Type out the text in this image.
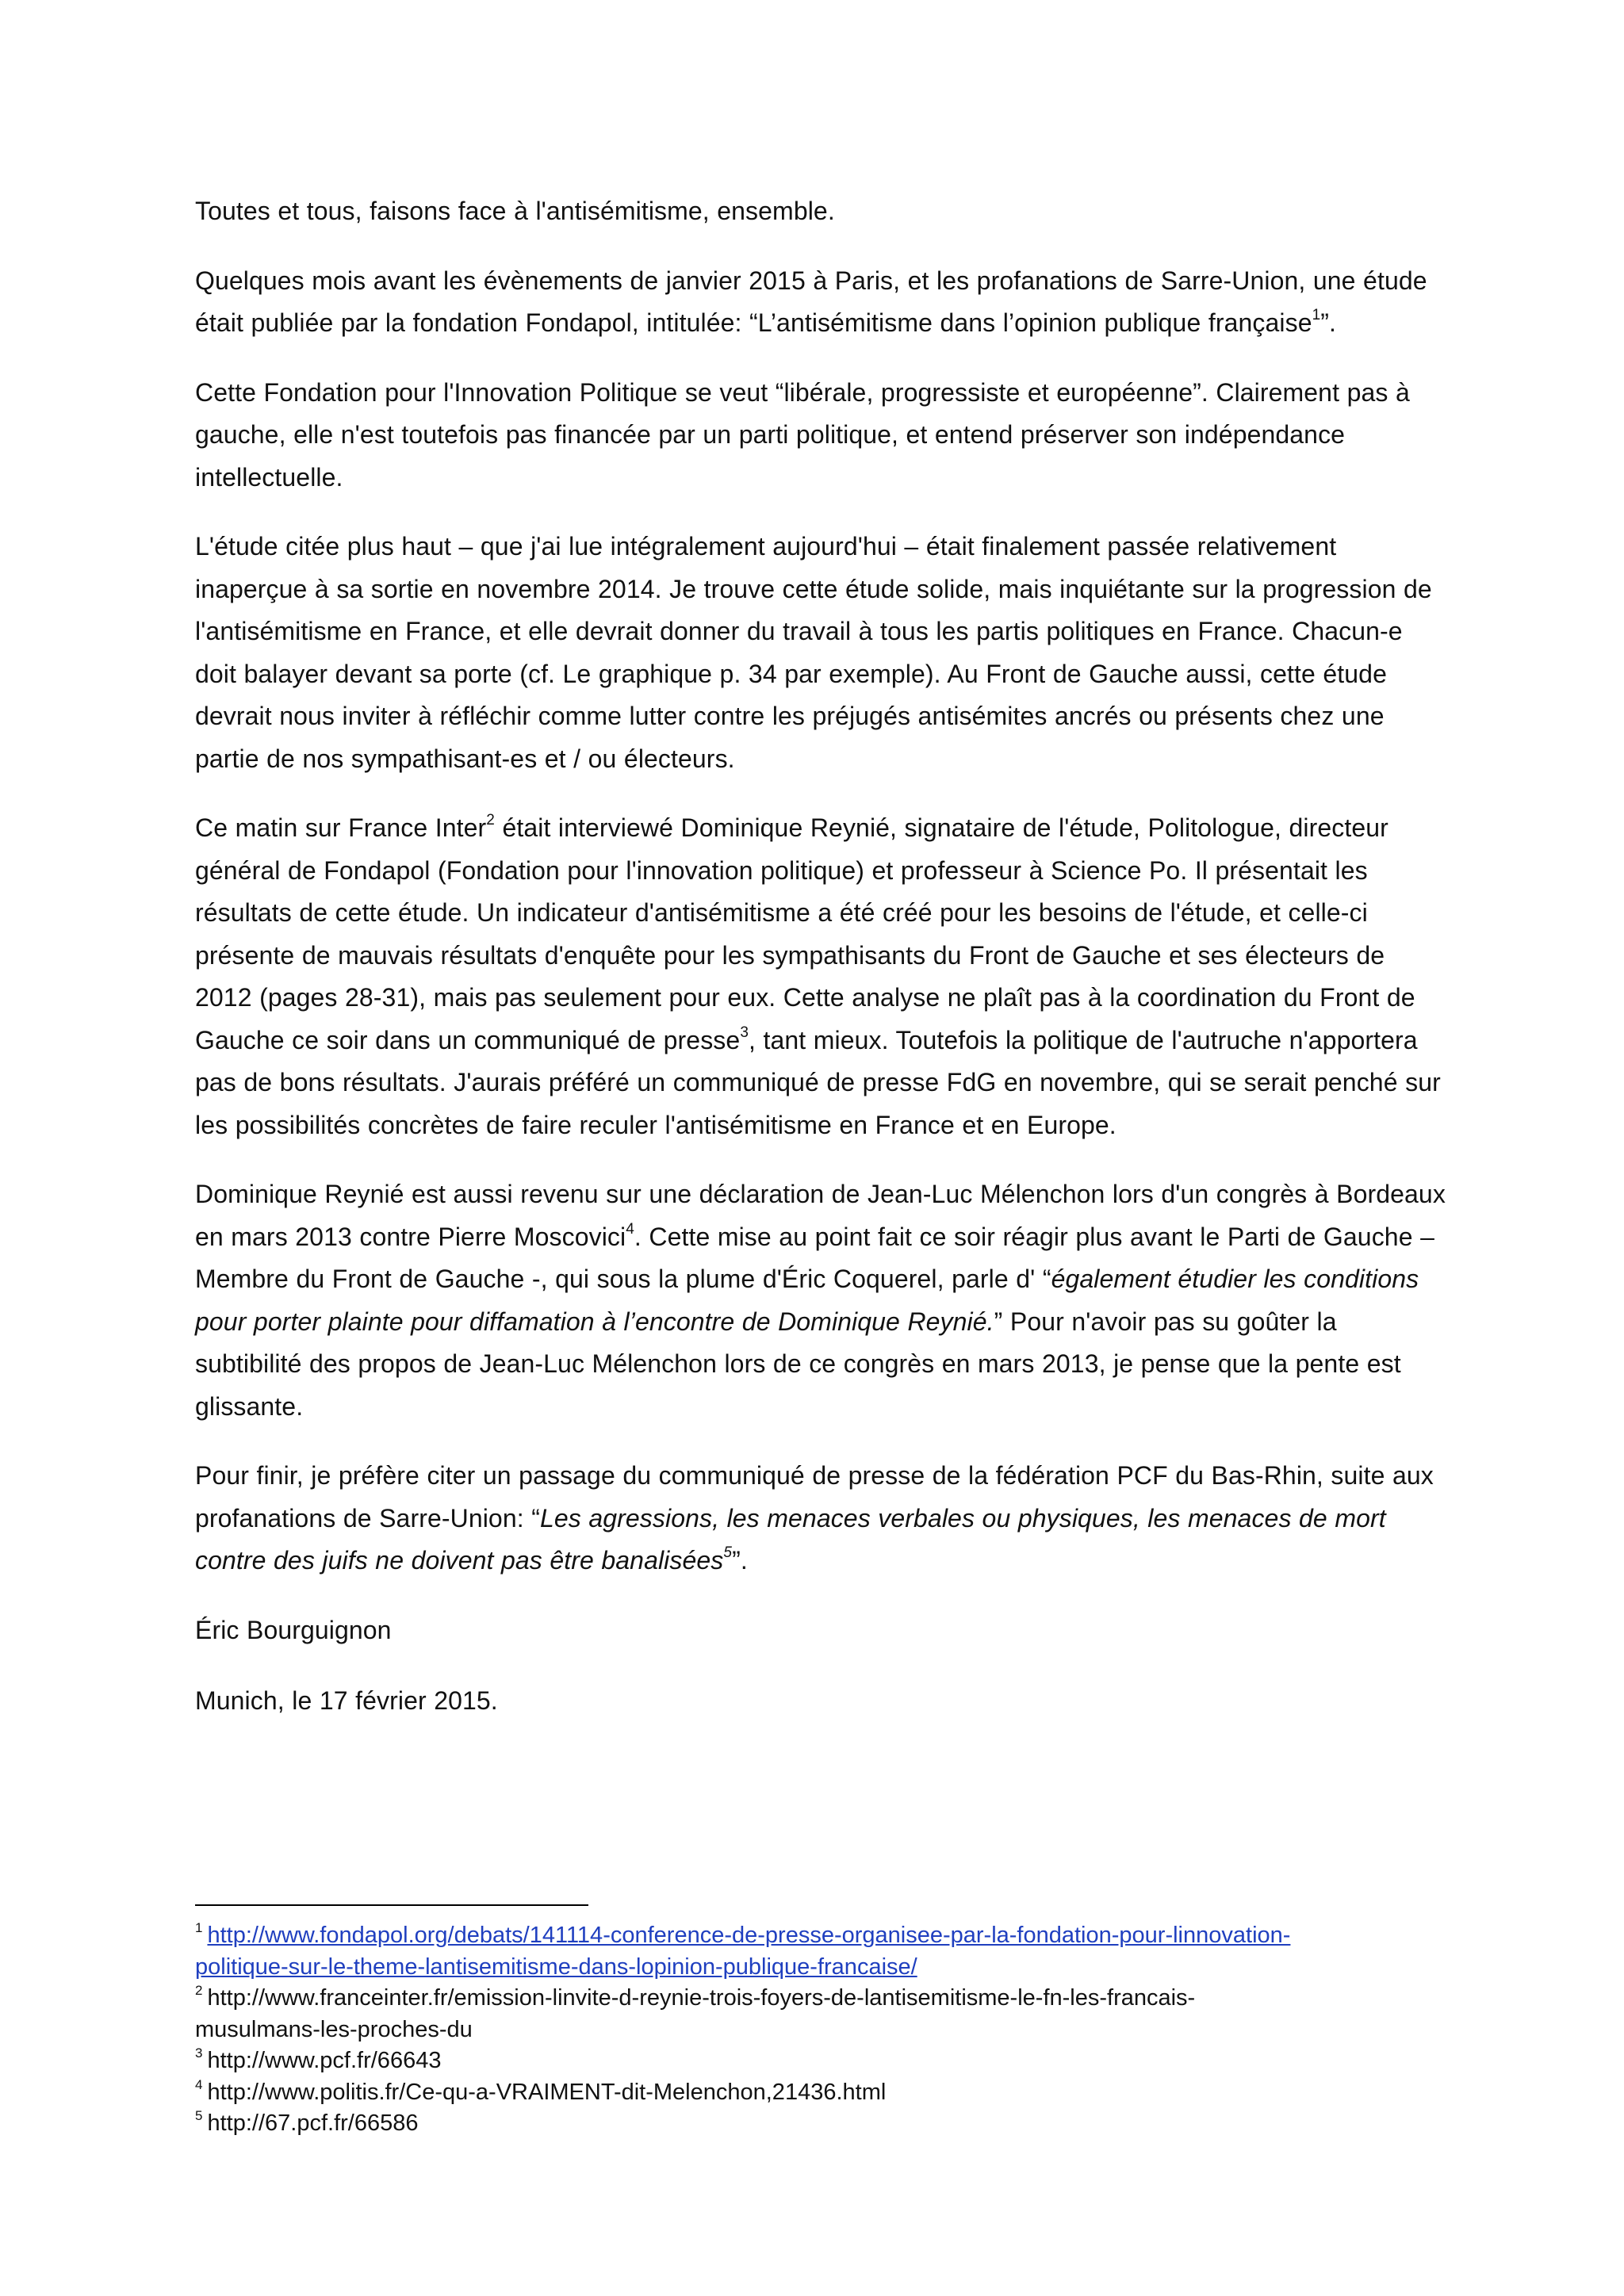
Toutes et tous, faisons face à l'antisémitisme, ensemble.

Quelques mois avant les évènements de janvier 2015 à Paris, et les profanations de Sarre-Union, une étude était publiée par la fondation Fondapol, intitulée: “L’antisémitisme dans l’opinion publique française$^1$”.

Cette Fondation pour l'Innovation Politique se veut “libérale, progressiste et européenne”. Clairement pas à gauche, elle n'est toutefois pas financée par un parti politique, et entend préserver son indépendance intellectuelle.

L'étude citée plus haut – que j'ai lue intégralement aujourd'hui – était finalement passée relativement inaperçue à sa sortie en novembre 2014. Je trouve cette étude solide, mais inquiétante sur la progression de l'antisémitisme en France, et elle devrait donner du travail à tous les partis politiques en France. Chacun-e doit balayer devant sa porte (cf. Le graphique p. 34 par exemple). Au Front de Gauche aussi, cette étude devrait nous inviter à réfléchir comme lutter contre les préjugés antisémites ancrés ou présents chez une partie de nos sympathisant-es et / ou électeurs.

Ce matin sur France Inter$^2$ était interviewé Dominique Reynié, signataire de l'étude, Politologue, directeur général de Fondapol (Fondation pour l'innovation politique) et professeur à Science Po. Il présentait les résultats de cette étude. Un indicateur d'antisémitisme a été créé pour les besoins de l'étude, et celle-ci présente de mauvais résultats d'enquête pour les sympathisants du Front de Gauche et ses électeurs de 2012 (pages 28-31), mais pas seulement pour eux. Cette analyse ne plaît pas à la coordination du Front de Gauche ce soir dans un communiqué de presse$^3$, tant mieux. Toutefois la politique de l'autruche n'apportera pas de bons résultats. J'aurais préféré un communiqué de presse FdG en novembre, qui se serait penché sur les possibilités concrètes de faire reculer l'antisémitisme en France et en Europe.

Dominique Reynié est aussi revenu sur une déclaration de Jean-Luc Mélenchon lors d'un congrès à Bordeaux en mars 2013 contre Pierre Moscovici$^4$. Cette mise au point fait ce soir réagir plus avant le Parti de Gauche – Membre du Front de Gauche -, qui sous la plume d'Éric Coquerel, parle d' “également étudier les conditions pour porter plainte pour diffamation à l’encontre de Dominique Reynié.” Pour n'avoir pas su goûter la subtibilité des propos de Jean-Luc Mélenchon lors de ce congrès en mars 2013, je pense que la pente est glissante.

Pour finir, je préfère citer un passage du communiqué de presse de la fédération PCF du Bas-Rhin, suite aux profanations de Sarre-Union: “Les agressions, les menaces verbales ou physiques, les menaces de mort contre des juifs ne doivent pas être banalisées$^5$”.

Éric Bourguignon

Munich, le 17 février 2015.

$^1$ http://www.fondapol.org/debats/141114-conference-de-presse-organisee-par-la-fondation-pour-linnovation-
politique-sur-le-theme-lantisemitisme-dans-lopinion-publique-francaise/

$^2$ http://www.franceinter.fr/emission-linvite-d-reynie-trois-foyers-de-lantisemitisme-le-fn-les-francais-
musulmans-les-proches-du

$^3$ http://www.pcf.fr/66643

$^4$ http://www.politis.fr/Ce-qu-a-VRAIMENT-dit-Melenchon,21436.html

$^5$ http://67.pcf.fr/66586
